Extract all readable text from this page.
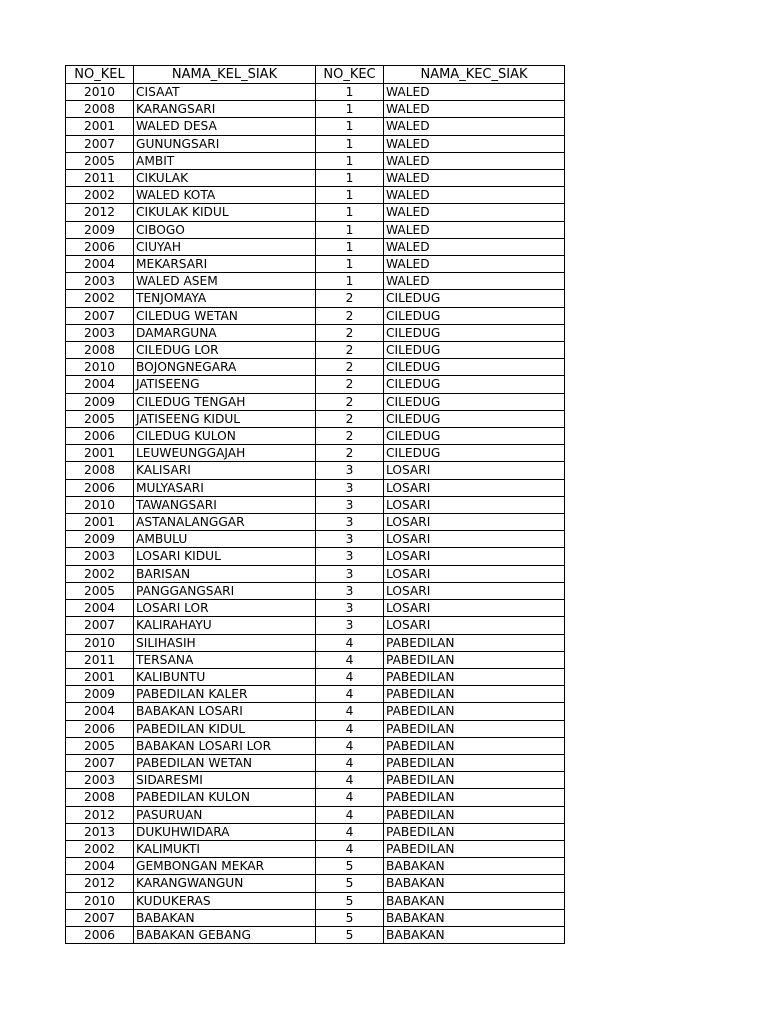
NO_KEL	NAMA_KEL_SIAK	NO_KEC	NAMA_KEC_SIAK
2010	CISAAT	1	WALED
2008	KARANGSARI	1	WALED
2001	WALED DESA	1	WALED
2007	GUNUNGSARI	1	WALED
2005	AMBIT	1	WALED
2011	CIKULAK	1	WALED
2002	WALED KOTA	1	WALED
2012	CIKULAK KIDUL	1	WALED
2009	CIBOGO	1	WALED
2006	CIUYAH	1	WALED
2004	MEKARSARI	1	WALED
2003	WALED ASEM	1	WALED
2002	TENJOMAYA	2	CILEDUG
2007	CILEDUG WETAN	2	CILEDUG
2003	DAMARGUNA	2	CILEDUG
2008	CILEDUG LOR	2	CILEDUG
2010	BOJONGNEGARA	2	CILEDUG
2004	JATISEENG	2	CILEDUG
2009	CILEDUG TENGAH	2	CILEDUG
2005	JATISEENG KIDUL	2	CILEDUG
2006	CILEDUG KULON	2	CILEDUG
2001	LEUWEUNGGAJAH	2	CILEDUG
2008	KALISARI	3	LOSARI
2006	MULYASARI	3	LOSARI
2010	TAWANGSARI	3	LOSARI
2001	ASTANALANGGAR	3	LOSARI
2009	AMBULU	3	LOSARI
2003	LOSARI KIDUL	3	LOSARI
2002	BARISAN	3	LOSARI
2005	PANGGANGSARI	3	LOSARI
2004	LOSARI LOR	3	LOSARI
2007	KALIRAHAYU	3	LOSARI
2010	SILIHASIH	4	PABEDILAN
2011	TERSANA	4	PABEDILAN
2001	KALIBUNTU	4	PABEDILAN
2009	PABEDILAN KALER	4	PABEDILAN
2004	BABAKAN LOSARI	4	PABEDILAN
2006	PABEDILAN KIDUL	4	PABEDILAN
2005	BABAKAN LOSARI LOR	4	PABEDILAN
2007	PABEDILAN WETAN	4	PABEDILAN
2003	SIDARESMI	4	PABEDILAN
2008	PABEDILAN KULON	4	PABEDILAN
2012	PASURUAN	4	PABEDILAN
2013	DUKUHWIDARA	4	PABEDILAN
2002	KALIMUKTI	4	PABEDILAN
2004	GEMBONGAN MEKAR	5	BABAKAN
2012	KARANGWANGUN	5	BABAKAN
2010	KUDUKERAS	5	BABAKAN
2007	BABAKAN	5	BABAKAN
2006	BABAKAN GEBANG	5	BABAKAN
